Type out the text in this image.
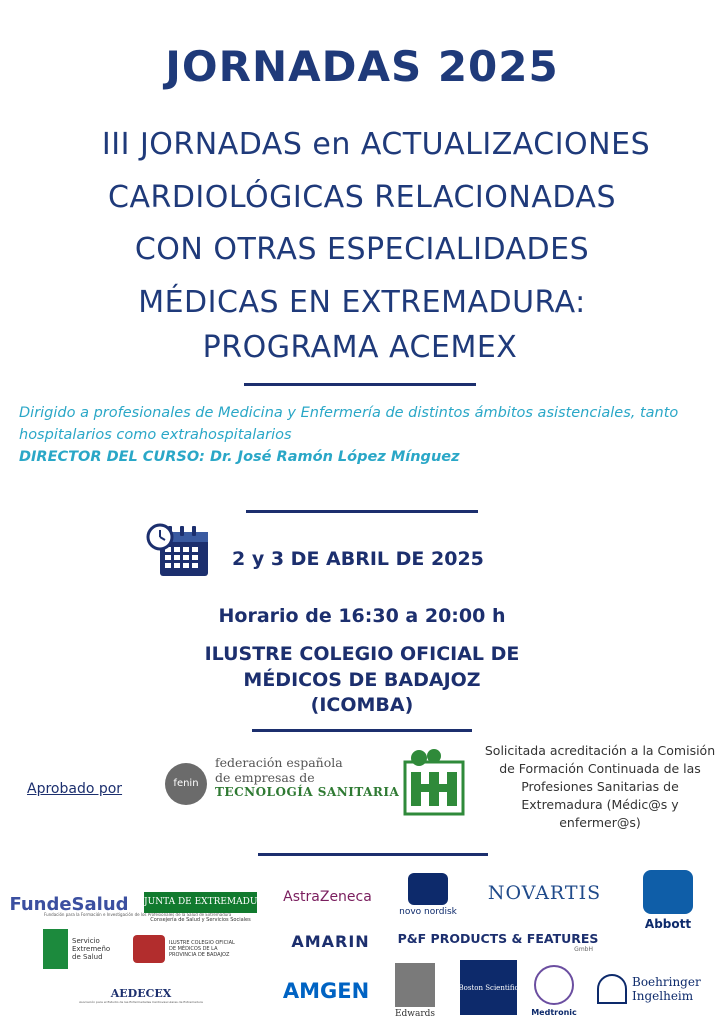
JORNADAS 2025
III JORNADAS en ACTUALIZACIONES
CARDIOLÓGICAS RELACIONADAS
CON OTRAS ESPECIALIDADES
MÉDICAS EN EXTREMADURA:
PROGRAMA ACEMEX
Dirigido a profesionales de Medicina y Enfermería de distintos ámbitos asistenciales, tanto hospitalarios como extrahospitalarios
DIRECTOR DEL CURSO: Dr. José Ramón López Mínguez
2 y 3 DE ABRIL DE 2025
Horario de 16:30 a 20:00 h
ILUSTRE COLEGIO OFICIAL DE
MÉDICOS DE BADAJOZ
(ICOMBA)
Aprobado por	fenin
federación española
de empresas de
TECNOLOGÍA SANITARIA
Solicitada acreditación a la Comisión de Formación Continuada de las Profesiones Sanitarias de Extremadura (Médic@s y enfermer@s)
FundeSalud
Fundación para la Formación e Investigación de los Profesionales de la Salud de Extremadura
JUNTA DE EXTREMADURA
Consejería de Salud y Servicios Sociales
AstraZeneca
novo nordisk
NOVARTIS
Abbott
Servicio Extremeño de Salud
ILUSTRE COLEGIO OFICIAL DE MÉDICOS DE LA PROVINCIA DE BADAJOZ
AMARIN	P&F PRODUCTS & FEATURES
GmbH
AEDECEX
Asociación para el Estudio de las Enfermedades Cardiovasculares de Extremadura	AMGEN
Edwards
Boston Scientific
Medtronic
Boehringer Ingelheim
